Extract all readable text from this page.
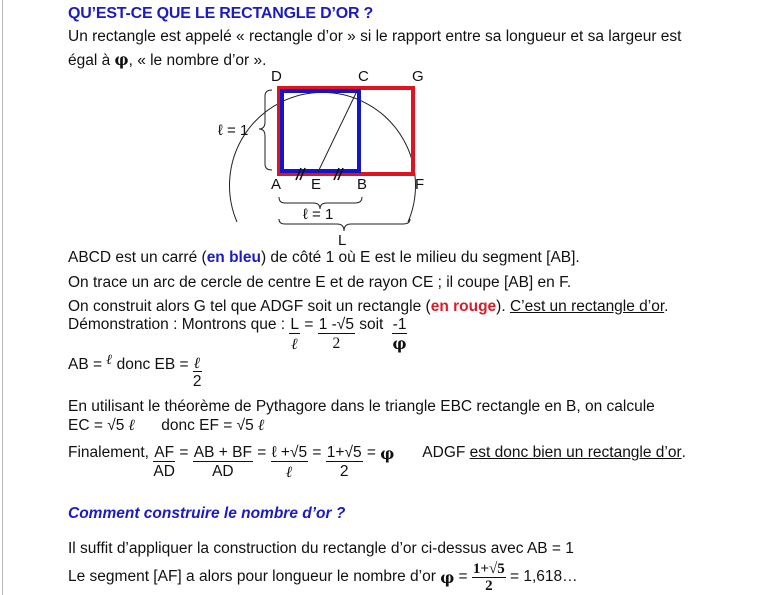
QU’EST-CE QUE LE RECTANGLE D’OR ?
Un rectangle est appelé « rectangle d’or » si le rapport entre sa longueur et sa largeur est
égal à φ, « le nombre d’or ».
D	C	G
A E B	F
ℓ = 1
ℓ = 1
L
ABCD est un carré (en bleu) de côté 1 où E est le milieu du segment [AB].
On trace un arc de cercle de centre E et de rayon CE ; il coupe [AB] en F.
On construit alors G tel que ADGF soit un rectangle (en rouge). C’est un rectangle d’or.
Démonstration : Montrons que : $\frac{L}{\text{ℓ}} = \frac{1 -√5}{2}$ soit $\frac{-1}{\varphi}$
AB = ℓ donc EB = $\frac{\text{ℓ}}{2}$
En utilisant le théorème de Pythagore dans le triangle EBC rectangle en B, on calcule
EC = √5 ℓ donc EF = √5 ℓ
Finalement, $\frac{AF}{AD} = \frac{AB + BF}{AD} = \frac{\text{ℓ +√5}}{\text{ℓ}} = \frac{1+√5}{2} = \varphi$ ADGF est donc bien un rectangle d’or.
Comment construire le nombre d’or ?
Il suffit d’appliquer la construction du rectangle d’or ci-dessus avec AB = 1
Le segment [AF] a alors pour longueur le nombre d’or $\varphi = \frac{1+√5}{2}$ = 1,618…
